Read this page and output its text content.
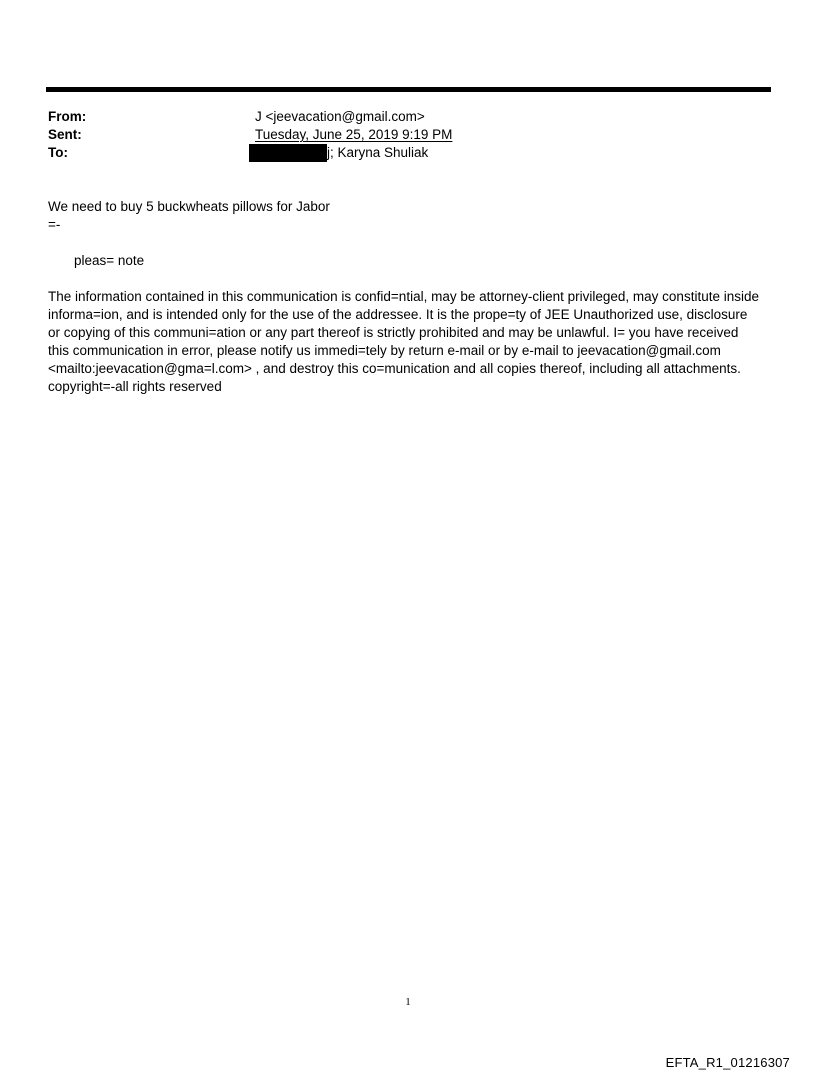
From:	J <jeevacation@gmail.com>
Sent:	Tuesday, June 25, 2019 9:19 PM
To:	j; Karyna Shuliak

We need to buy 5 buckwheats pillows for Jabor

=-

pleas= note

The information contained in this communication is confid=ntial, may be attorney-client privileged, may constitute inside informa=ion, and is intended only for the use of the addressee. It is the prope=ty of JEE Unauthorized use, disclosure or copying of this communi=ation or any part thereof is strictly prohibited and may be unlawful. I= you have received this communication in error, please notify us immedi=tely by return e-mail or by e-mail to jeevacation@gmail.com <mailto:jeevacation@gma=l.com> , and destroy this co=munication and all copies thereof, including all attachments. copyright=-all rights reserved

1
EFTA_R1_01216307
